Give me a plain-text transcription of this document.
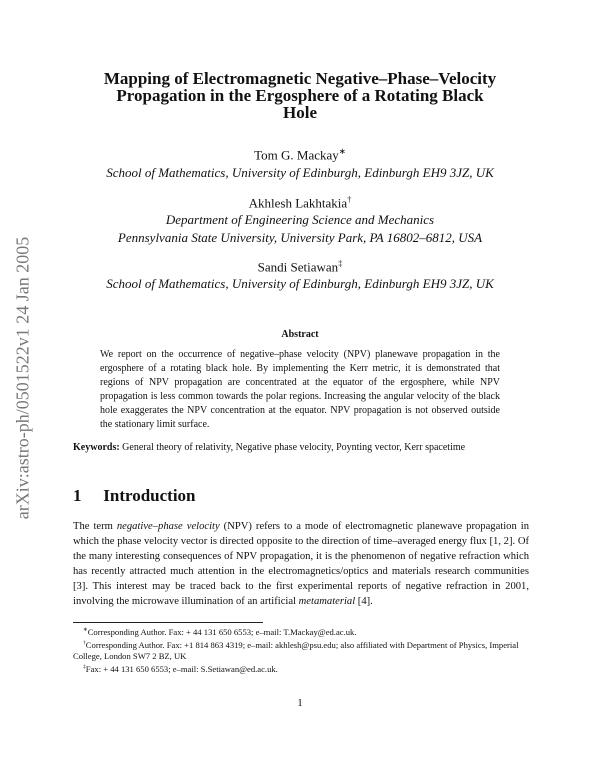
arXiv:astro-ph/0501522v1 24 Jan 2005
Mapping of Electromagnetic Negative–Phase–Velocity
Propagation in the Ergosphere of a Rotating Black
Hole
Tom G. Mackay∗
School of Mathematics, University of Edinburgh, Edinburgh EH9 3JZ, UK
Akhlesh Lakhtakia†
Department of Engineering Science and Mechanics
Pennsylvania State University, University Park, PA 16802–6812, USA
Sandi Setiawan‡
School of Mathematics, University of Edinburgh, Edinburgh EH9 3JZ, UK
Abstract
We report on the occurrence of negative–phase velocity (NPV) planewave propagation in the ergosphere of a rotating black hole. By implementing the Kerr metric, it is demonstrated that regions of NPV propagation are concentrated at the equator of the ergosphere, while NPV propagation is less common towards the polar regions. Increasing the angular velocity of the black hole exaggerates the NPV concentration at the equator. NPV propagation is not observed outside the stationary limit surface.
Keywords: General theory of relativity, Negative phase velocity, Poynting vector, Kerr spacetime
1 Introduction
The term negative–phase velocity (NPV) refers to a mode of electromagnetic planewave propagation in which the phase velocity vector is directed opposite to the direction of time–averaged energy flux [1, 2]. Of the many interesting consequences of NPV propagation, it is the phenomenon of negative refraction which has recently attracted much attention in the electromagnetics/optics and materials research communities [3]. This interest may be traced back to the first experimental reports of negative refraction in 2001, involving the microwave illumination of an artificial metamaterial [4].

∗Corresponding Author. Fax: + 44 131 650 6553; e–mail: T.Mackay@ed.ac.uk.

†Corresponding Author. Fax: +1 814 863 4319; e–mail: akhlesh@psu.edu; also affiliated with Department of Physics, Imperial College, London SW7 2 BZ, UK

‡Fax: + 44 131 650 6553; e–mail: S.Setiawan@ed.ac.uk.

1
